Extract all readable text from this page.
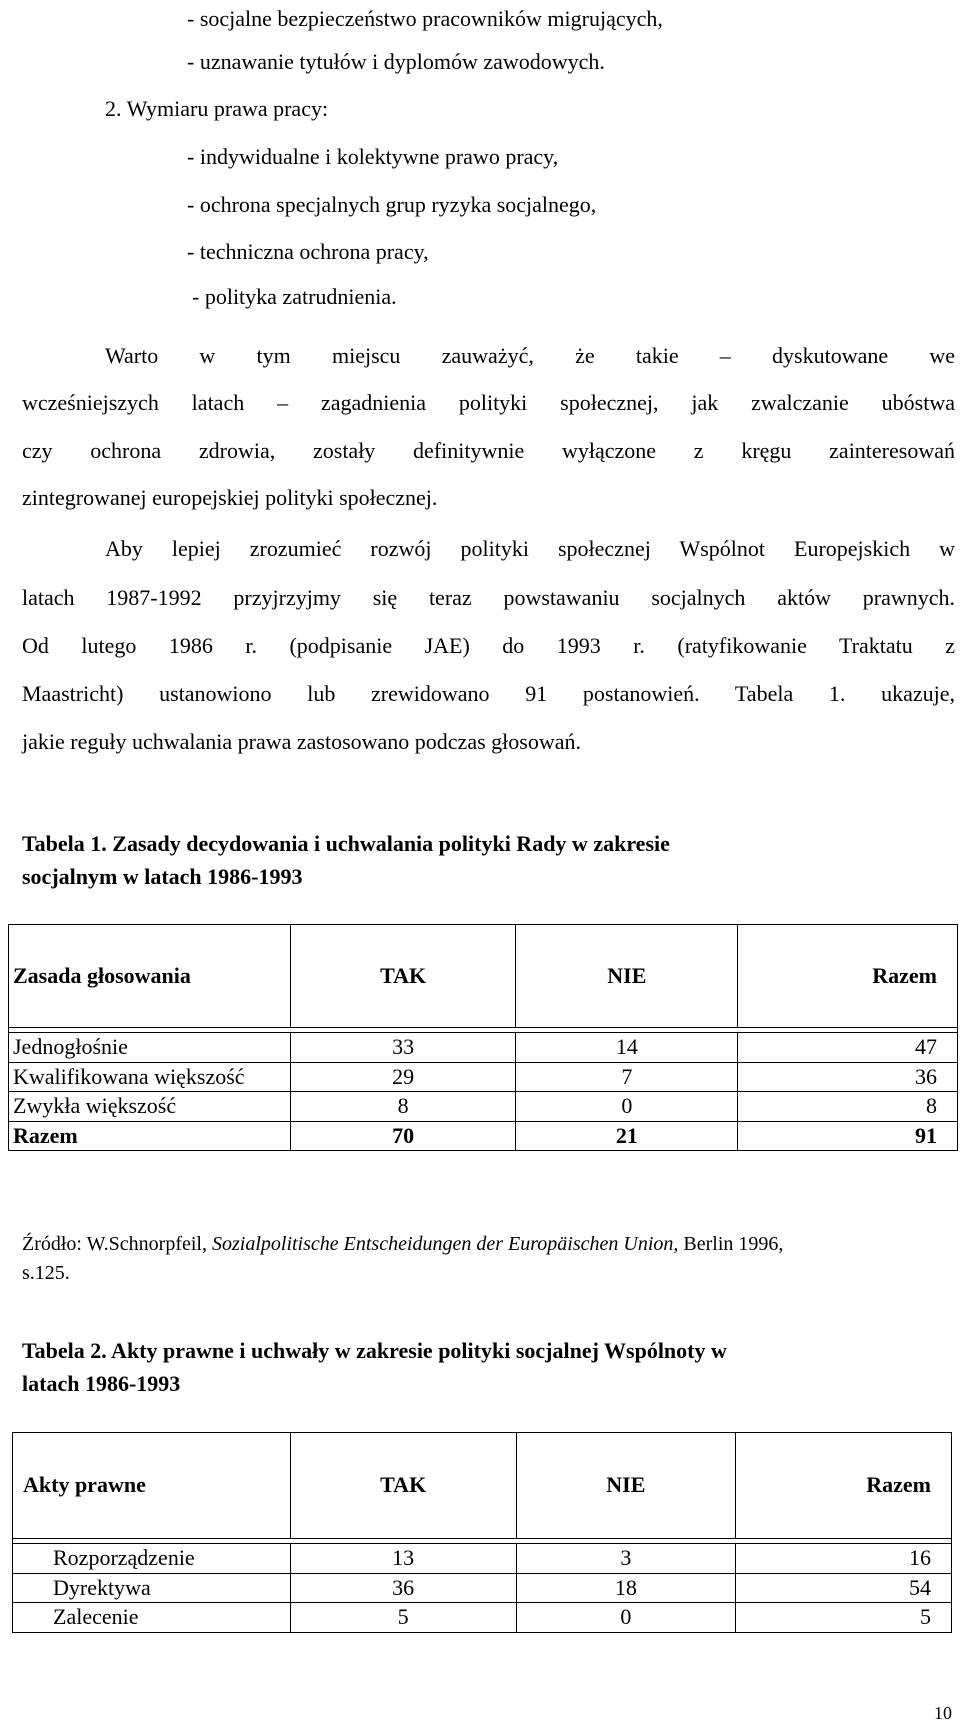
- socjalne bezpieczeństwo pracowników migrujących,
- uznawanie tytułów i dyplomów zawodowych.
2. Wymiaru prawa pracy:
- indywidualne i kolektywne prawo pracy,
- ochrona specjalnych grup ryzyka socjalnego,
- techniczna ochrona pracy,
- polityka zatrudnienia.
Warto w tym miejscu zauważyć, że takie – dyskutowane we
wcześniejszych latach – zagadnienia polityki społecznej, jak zwalczanie ubóstwa
czy ochrona zdrowia, zostały definitywnie wyłączone z kręgu zainteresowań
zintegrowanej europejskiej polityki społecznej.
Aby lepiej zrozumieć rozwój polityki społecznej Wspólnot Europejskich w
latach 1987-1992 przyjrzyjmy się teraz powstawaniu socjalnych aktów prawnych.
Od lutego 1986 r. (podpisanie JAE) do 1993 r. (ratyfikowanie Traktatu z
Maastricht) ustanowiono lub zrewidowano 91 postanowień. Tabela 1. ukazuje,
jakie reguły uchwalania prawa zastosowano podczas głosowań.
Tabela 1. Zasady decydowania i uchwalania polityki Rady w zakresie
socjalnym w latach 1986-1993
Zasada głosowania	TAK	NIE	Razem

Jednogłośnie	33	14	47
Kwalifikowana większość	29	7	36
Zwykła większość	8	0	8
Razem	70	21	91
Źródło: W.Schnorpfeil, Sozialpolitische Entscheidungen der Europäischen Union, Berlin 1996,
s.125.
Tabela 2. Akty prawne i uchwały w zakresie polityki socjalnej Wspólnoty w
latach 1986-1993
Akty prawne	TAK	NIE	Razem

Rozporządzenie	13	3	16
Dyrektywa	36	18	54
Zalecenie	5	0	5
10
